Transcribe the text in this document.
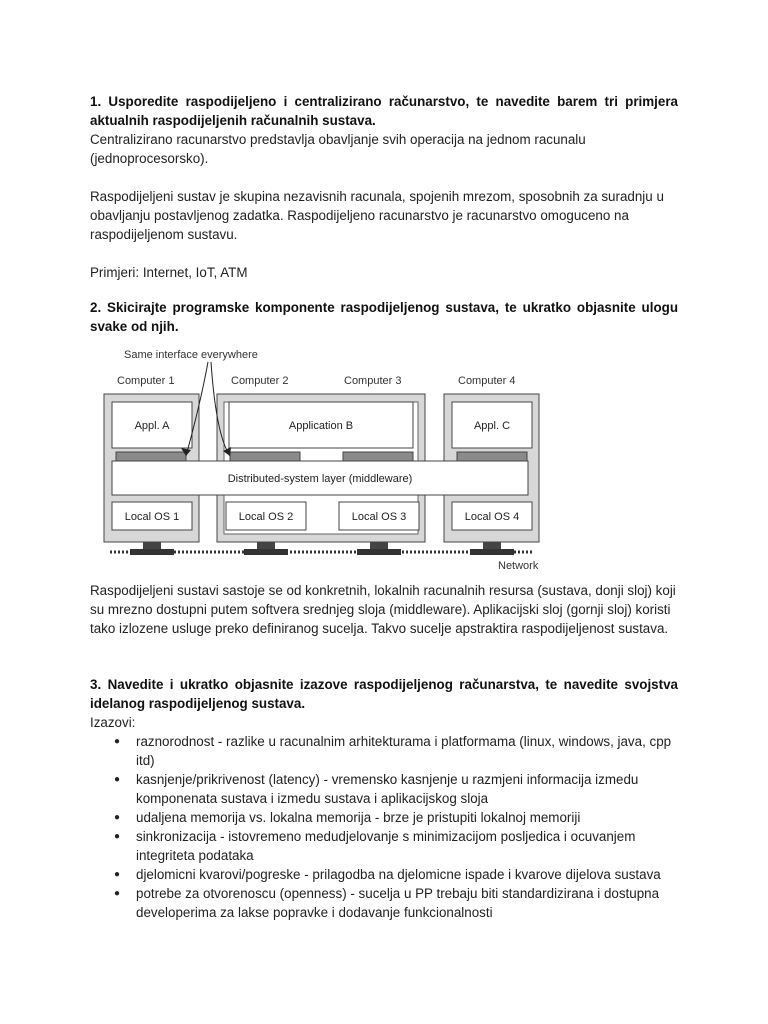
1. Usporedite raspodijeljeno i centralizirano računarstvo, te navedite barem tri primjera aktualnih raspodijeljenih računalnih sustava.

Centralizirano racunarstvo predstavlja obavljanje svih operacija na jednom racunalu (jednoprocesorsko).

Raspodijeljeni sustav je skupina nezavisnih racunala, spojenih mrezom, sposobnih za suradnju u obavljanju postavljenog zadatka. Raspodijeljeno racunarstvo je racunarstvo omoguceno na raspodijeljenom sustavu.

Primjeri: Internet, IoT, ATM

2. Skicirajte programske komponente raspodijeljenog sustava, te ukratko objasnite ulogu svake od njih.

Same interface everywhere
Computer 1	Computer 2	Computer 3	Computer 4
Appl. A	Application B	Appl. C
Distributed-system layer (middleware)
Local OS 1	Local OS 2	Local OS 3	Local OS 4
Network

Raspodijeljeni sustavi sastoje se od konkretnih, lokalnih racunalnih resursa (sustava, donji sloj) koji su mrezno dostupni putem softvera srednjeg sloja (middleware). Aplikacijski sloj (gornji sloj) koristi tako izlozene usluge preko definiranog sucelja. Takvo sucelje apstraktira raspodijeljenost sustava.

3. Navedite i ukratko objasnite izazove raspodijeljenog računarstva, te navedite svojstva idelanog raspodijeljenog sustava.

Izazovi:

● raznorodnost - razlike u racunalnim arhitekturama i platformama (linux, windows, java, cpp itd)
● kasnjenje/prikrivenost (latency) - vremensko kasnjenje u razmjeni informacija izmedu komponenata sustava i izmedu sustava i aplikacijskog sloja
● udaljena memorija vs. lokalna memorija - brze je pristupiti lokalnoj memoriji
● sinkronizacija - istovremeno medudjelovanje s minimizacijom posljedica i ocuvanjem integriteta podataka
● djelomicni kvarovi/pogreske - prilagodba na djelomicne ispade i kvarove dijelova sustava
● potrebe za otvorenoscu (openness) - sucelja u PP trebaju biti standardizirana i dostupna developerima za lakse popravke i dodavanje funkcionalnosti
